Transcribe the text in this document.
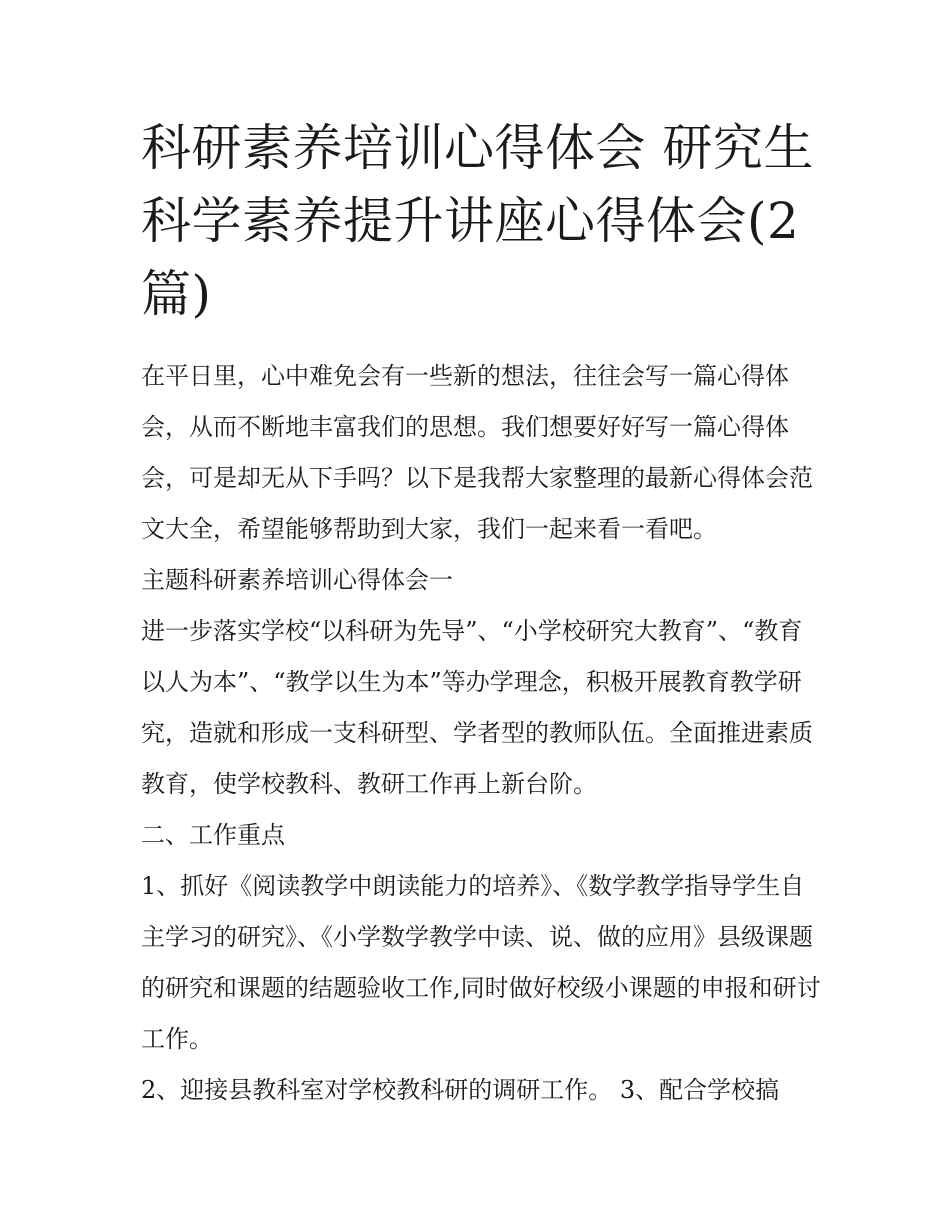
科研素养培训心得体会 研究生科学素养提升讲座心得体会(2篇)

在平日里，心中难免会有一些新的想法，往往会写一篇心得体会，从而不断地丰富我们的思想。我们想要好好写一篇心得体会，可是却无从下手吗？以下是我帮大家整理的最新心得体会范文大全，希望能够帮助到大家，我们一起来看一看吧。

主题科研素养培训心得体会一

进一步落实学校“以科研为先导”、“小学校研究大教育”、“教育以人为本”、“教学以生为本”等办学理念，积极开展教育教学研究，造就和形成一支科研型、学者型的教师队伍。全面推进素质教育，使学校教科、教研工作再上新台阶。

二、工作重点

1、抓好《阅读教学中朗读能力的培养》、《数学教学指导学生自主学习的研究》、《小学数学教学中读、说、做的应用》县级课题的研究和课题的结题验收工作,同时做好校级小课题的申报和研讨工作。

2、迎接县教科室对学校教科研的调研工作。 3、配合学校搞
